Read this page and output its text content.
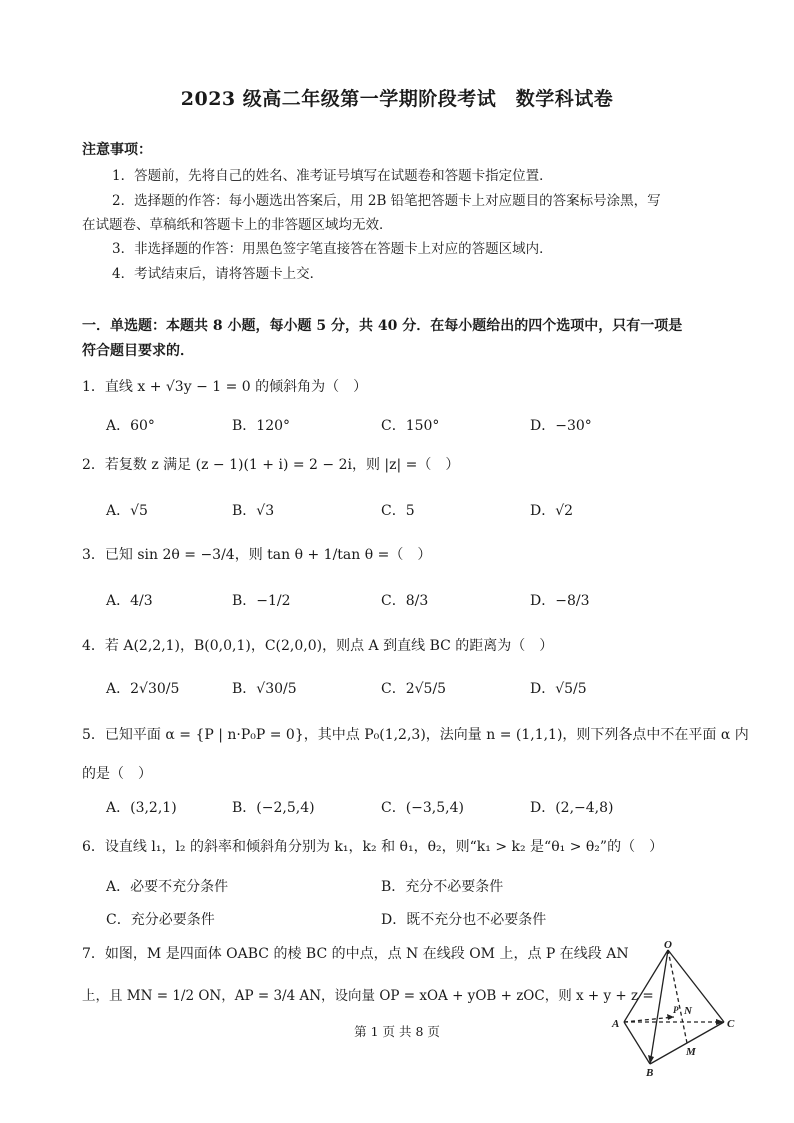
2023 级高二年级第一学期阶段考试　数学科试卷
注意事项：
1．答题前，先将自己的姓名、准考证号填写在试题卷和答题卡指定位置．
2．选择题的作答：每小题选出答案后，用 2B 铅笔把答题卡上对应题目的答案标号涂黑，写
在试题卷、草稿纸和答题卡上的非答题区域均无效．
3．非选择题的作答：用黑色签字笔直接答在答题卡上对应的答题区域内．
4．考试结束后，请将答题卡上交．
一．单选题：本题共 8 小题，每小题 5 分，共 40 分．在每小题给出的四个选项中，只有一项是
符合题目要求的．
1．直线 x + √3y − 1 = 0 的倾斜角为（　）
A．60°	B．120°	C．150°	D．−30°
2．若复数 z 满足 (z − 1)(1 + i) = 2 − 2i，则 |z| =（　）
A．√5	B．√3	C．5	D．√2
3．已知 sin 2θ = −3/4，则 tan θ + 1/tan θ =（　）
A．4/3	B．−1/2	C．8/3	D．−8/3
4．若 A(2,2,1)，B(0,0,1)，C(2,0,0)，则点 A 到直线 BC 的距离为（　）
A．2√30/5	B．√30/5	C．2√5/5	D．√5/5
5．已知平面 α = {P | n·P₀P = 0}，其中点 P₀(1,2,3)，法向量 n = (1,1,1)，则下列各点中不在平面 α 内
的是（　）
A．(3,2,1)	B．(−2,5,4)	C．(−3,5,4)	D．(2,−4,8)
6．设直线 l₁，l₂ 的斜率和倾斜角分别为 k₁，k₂ 和 θ₁，θ₂，则“k₁ > k₂ 是“θ₁ > θ₂”的（　）
A．必要不充分条件	B．充分不必要条件
C．充分必要条件	D．既不充分也不必要条件
7．如图，M 是四面体 OABC 的棱 BC 的中点，点 N 在线段 OM 上，点 P 在线段 AN
上，且 MN = 1/2 ON，AP = 3/4 AN，设向量 OP = xOA + yOB + zOC，则 x + y + z =
O
A
B
C
N
P
M
第 1 页 共 8 页
